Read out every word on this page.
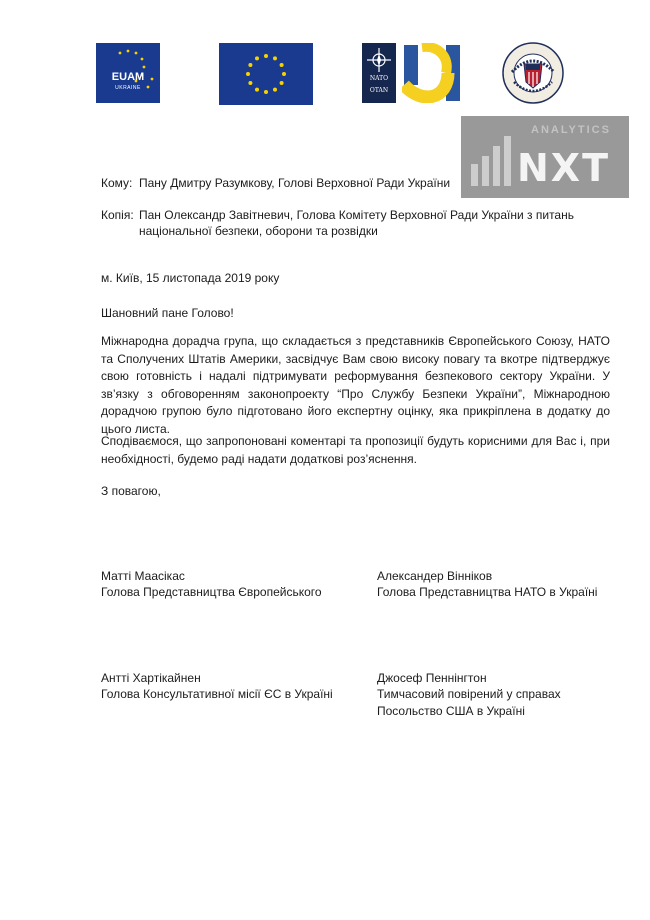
EUAM
UKRAINE
NATO
OTAN
ANALYTICS
NXT
Кому: Пану Дмитру Разумкову, Голові Верховної Ради України
Копія: Пан Олександр Завітневич, Голова Комітету Верховної Ради України з питань
національної безпеки, оборони та розвідки
м. Київ, 15 листопада 2019 року
Шановний пане Голово!
Міжнародна дорадча група, що складається з представників Європейського Союзу, НАТО та Сполучених Штатів Америки, засвідчує Вам свою високу повагу та вкотре підтверджує свою готовність і надалі підтримувати реформування безпекового сектору України. У зв’язку з обговоренням законопроекту “Про Службу Безпеки України”, Міжнародною дорадчою групою було підготовано його експертну оцінку, яка прикріплена в додатку до цього листа.
Сподіваємося, що запропоновані коментарі та пропозиції будуть корисними для Вас і, при необхідності, будемо раді надати додаткові роз’яснення.
З повагою,
Матті Маасікас
Голова Представництва Європейського
Александер Вінніков
Голова Представництва НАТО в Україні
Антті Хартікайнен
Голова Консультативної місії ЄС в Україні
Джосеф Пеннінгтон
Тимчасовий повірений у справах
Посольство США в Україні
